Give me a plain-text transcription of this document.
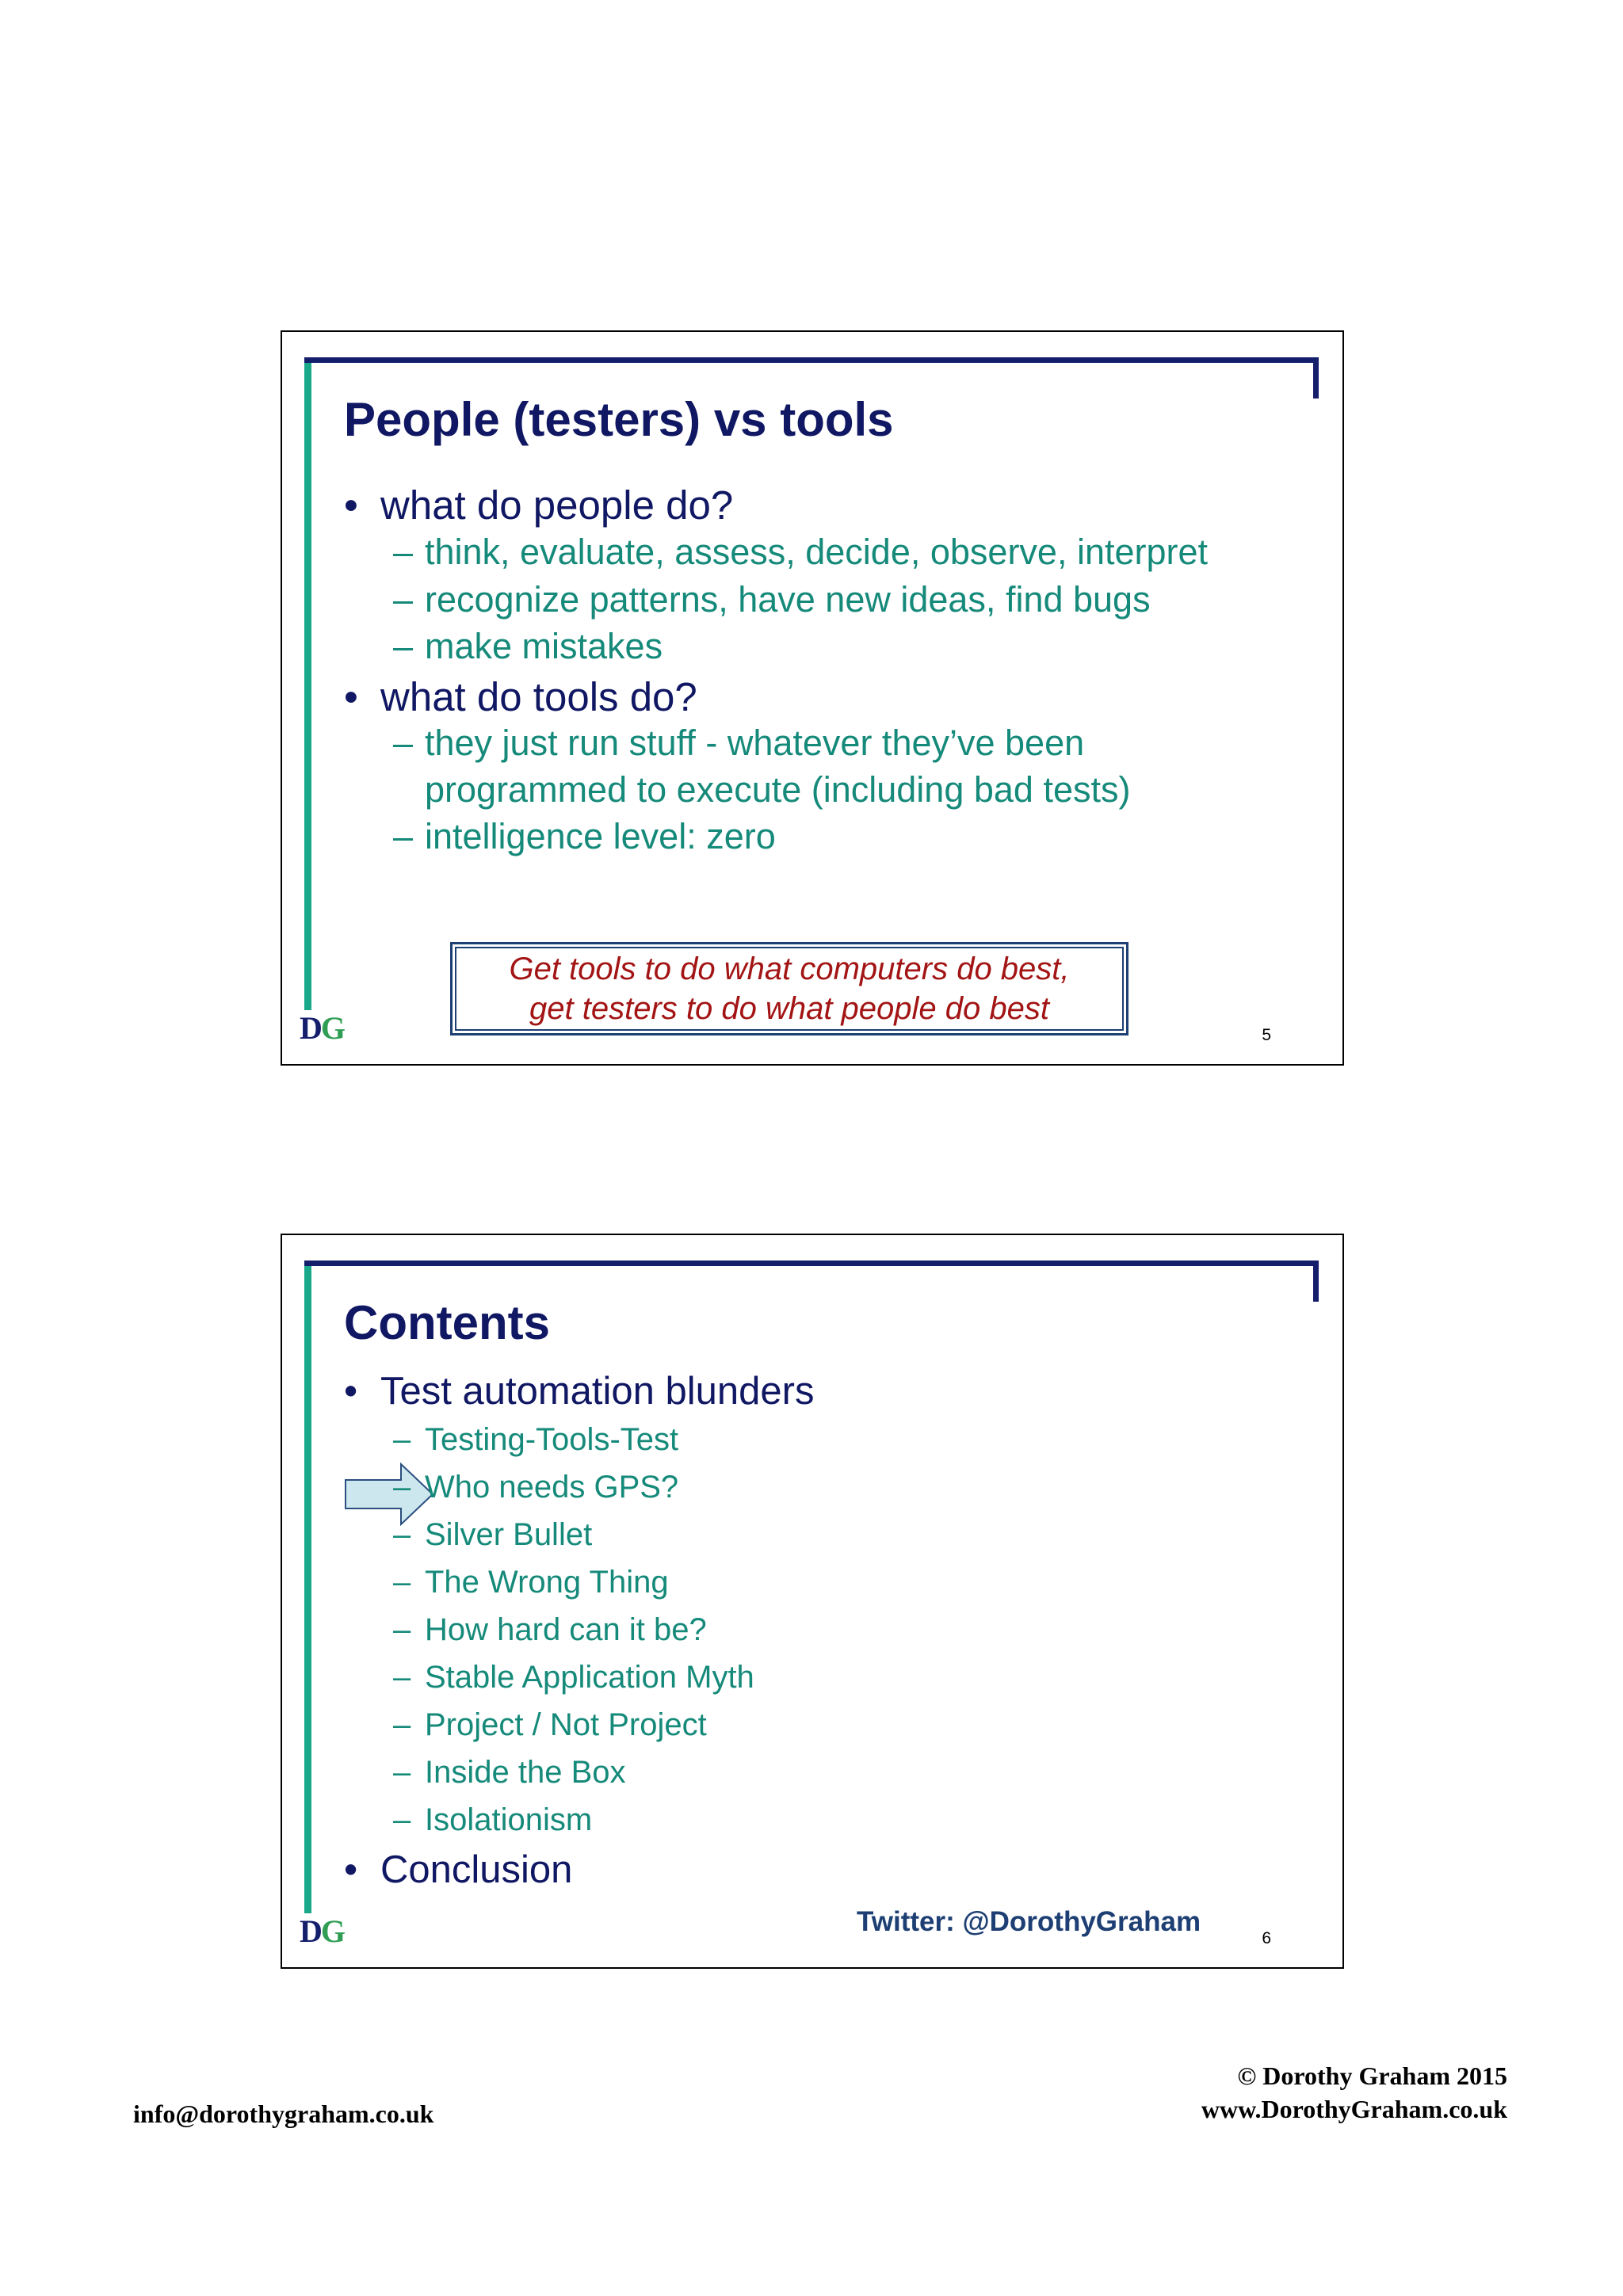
People (testers) vs tools
• what do people do?
– think, evaluate, assess, decide, observe, interpret
– recognize patterns, have new ideas, find bugs
– make mistakes
• what do tools do?
– they just run stuff - whatever they’ve been programmed to execute (including bad tests)
– intelligence level: zero
Get tools to do what computers do best,
get testers to do what people do best
DG	5
Contents
• Test automation blunders
– Testing-Tools-Test
– Who needs GPS?
– Silver Bullet
– The Wrong Thing
– How hard can it be?
– Stable Application Myth
– Project / Not Project
– Inside the Box
– Isolationism
• Conclusion
Twitter: @DorothyGraham
DG	6
info@dorothygraham.co.uk
© Dorothy Graham 2015
www.DorothyGraham.co.uk
